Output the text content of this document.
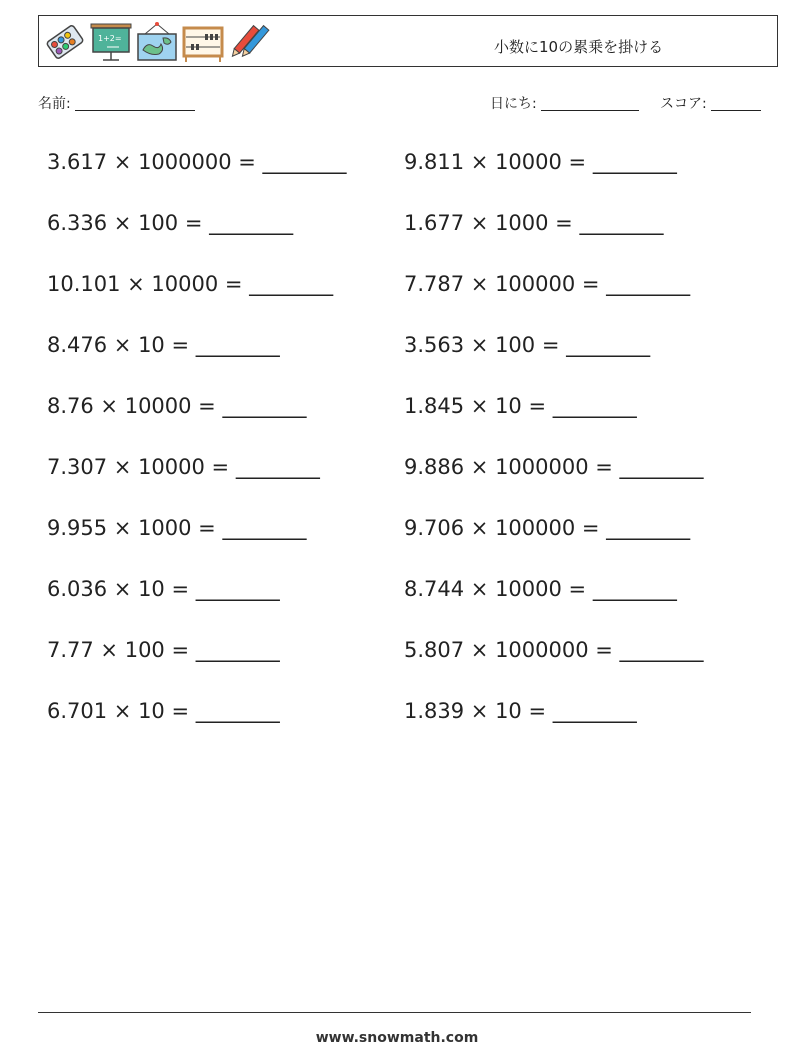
1+2=	小数に10の累乗を掛ける
名前:	日にち:	スコア:
3.617 × 1000000 = ________
6.336 × 100 = ________
10.101 × 10000 = ________
8.476 × 10 = ________
8.76 × 10000 = ________
7.307 × 10000 = ________
9.955 × 1000 = ________
6.036 × 10 = ________
7.77 × 100 = ________
6.701 × 10 = ________
9.811 × 10000 = ________
1.677 × 1000 = ________
7.787 × 100000 = ________
3.563 × 100 = ________
1.845 × 10 = ________
9.886 × 1000000 = ________
9.706 × 100000 = ________
8.744 × 10000 = ________
5.807 × 1000000 = ________
1.839 × 10 = ________
www.snowmath.com
